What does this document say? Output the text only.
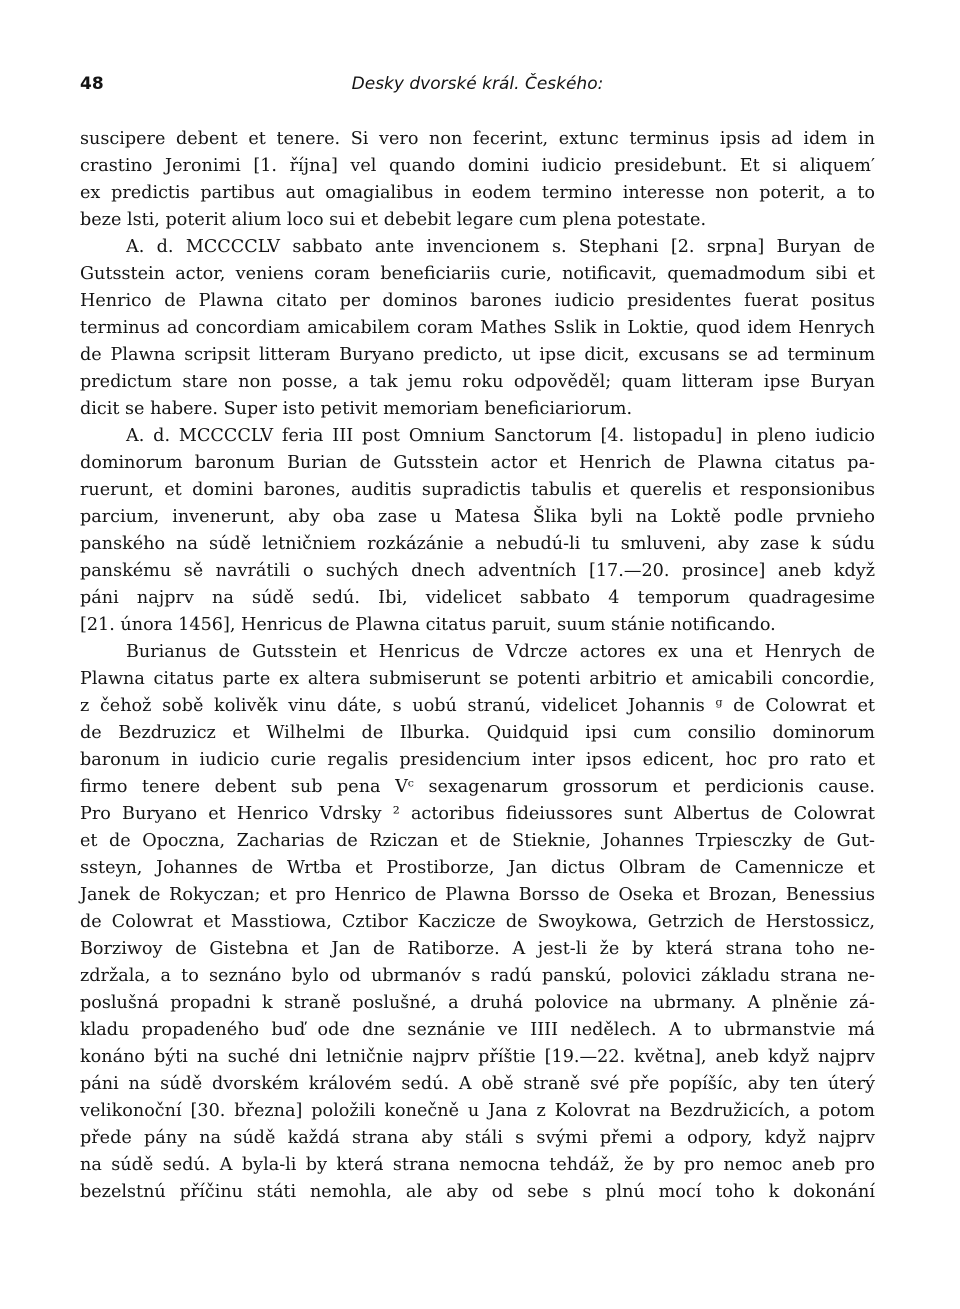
48	Desky dvorské král. Českého:
suscipere debent et tenere. Si vero non fecerint, extunc terminus ipsis ad idem in
crastino Jeronimi [1. října] vel quando domini iudicio presidebunt. Et si aliquem′
ex predictis partibus aut omagialibus in eodem termino interesse non poterit, a to
beze lsti, poterit alium loco sui et debebit legare cum plena potestate.
A. d. MCCCCLV sabbato ante invencionem s. Stephani [2. srpna] Buryan de
Gutsstein actor, veniens coram beneficiariis curie, notificavit, quemadmodum sibi et
Henrico de Plawna citato per dominos barones iudicio presidentes fuerat positus
terminus ad concordiam amicabilem coram Mathes Sslik in Loktie, quod idem Henrych
de Plawna scripsit litteram Buryano predicto, ut ipse dicit, excusans se ad terminum
predictum stare non posse, a tak jemu roku odpověděl; quam litteram ipse Buryan
dicit se habere. Super isto petivit memoriam beneficiariorum.
A. d. MCCCCLV feria III post Omnium Sanctorum [4. listopadu] in pleno iudicio
dominorum baronum Burian de Gutsstein actor et Henrich de Plawna citatus pa-
ruerunt, et domini barones, auditis supradictis tabulis et querelis et responsionibus
parcium, invenerunt, aby oba zase u Matesa Šlika byli na Loktě podle prvnieho
panského na súdě letničniem rozkázánie a nebudú-li tu smluveni, aby zase k súdu
panskému sě navrátili o suchých dnech adventních [17.—20. prosince] aneb když
páni najprv na súdě sedú. Ibi, videlicet sabbato 4 temporum quadragesime
[21. února 1456], Henricus de Plawna citatus paruit, suum stánie notificando.
Burianus de Gutsstein et Henricus de Vdrcze actores ex una et Henrych de
Plawna citatus parte ex altera submiserunt se potenti arbitrio et amicabili concordie,
z čehož sobě kolivěk vinu dáte, s uobú stranú, videlicet Johannis ᵍ de Colowrat et
de Bezdruzicz et Wilhelmi de Ilburka. Quidquid ipsi cum consilio dominorum
baronum in iudicio curie regalis presidencium inter ipsos edicent, hoc pro rato et
firmo tenere debent sub pena Vᶜ sexagenarum grossorum et perdicionis cause.
Pro Buryano et Henrico Vdrsky ² actoribus fideiussores sunt Albertus de Colowrat
et de Opoczna, Zacharias de Rziczan et de Stieknie, Johannes Trpiesczky de Gut-
ssteyn, Johannes de Wrtba et Prostiborze, Jan dictus Olbram de Camennicze et
Janek de Rokyczan; et pro Henrico de Plawna Borsso de Oseka et Brozan, Benessius
de Colowrat et Masstiowa, Cztibor Kaczicze de Swoykowa, Getrzich de Herstossicz,
Borziwoy de Gistebna et Jan de Ratiborze. A jest-li že by která strana toho ne-
zdržala, a to seznáno bylo od ubrmanóv s radú panskú, polovici základu strana ne-
poslušná propadni k straně poslušné, a druhá polovice na ubrmany. A plněnie zá-
kladu propadeného buď ode dne seznánie ve IIII nedělech. A to ubrmanstvie má
konáno býti na suché dni letničnie najprv příštie [19.—22. května], aneb když najprv
páni na súdě dvorském královém sedú. A obě straně své pře popíšíc, aby ten úterý
velikonoční [30. března] položili konečně u Jana z Kolovrat na Bezdružicích, a potom
přede pány na súdě každá strana aby stáli s svými přemi a odpory, když najprv
na súdě sedú. A byla-li by která strana nemocna tehdáž, že by pro nemoc aneb pro
bezelstnú příčinu státi nemohla, ale aby od sebe s plnú mocí toho k dokonání
